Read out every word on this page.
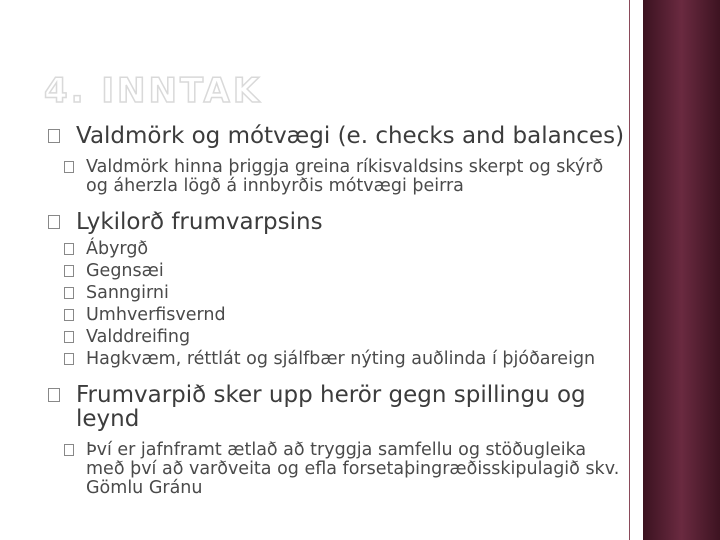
4. INNTAK
Valdmörk og mótvægi (e. checks and balances)
Valdmörk hinna þriggja greina ríkisvaldsins skerpt og skýrð og áherzla lögð á innbyrðis mótvægi þeirra
Lykilorð frumvarpsins
Ábyrgð
Gegnsæi
Sanngirni
Umhverfisvernd
Valddreifing
Hagkvæm, réttlát og sjálfbær nýting auðlinda í þjóðareign
Frumvarpið sker upp herör gegn spillingu og leynd
Því er jafnframt ætlað að tryggja samfellu og stöðugleika með því að varðveita og efla forsetaþingræðisskipulagið skv. Gömlu Gránu
